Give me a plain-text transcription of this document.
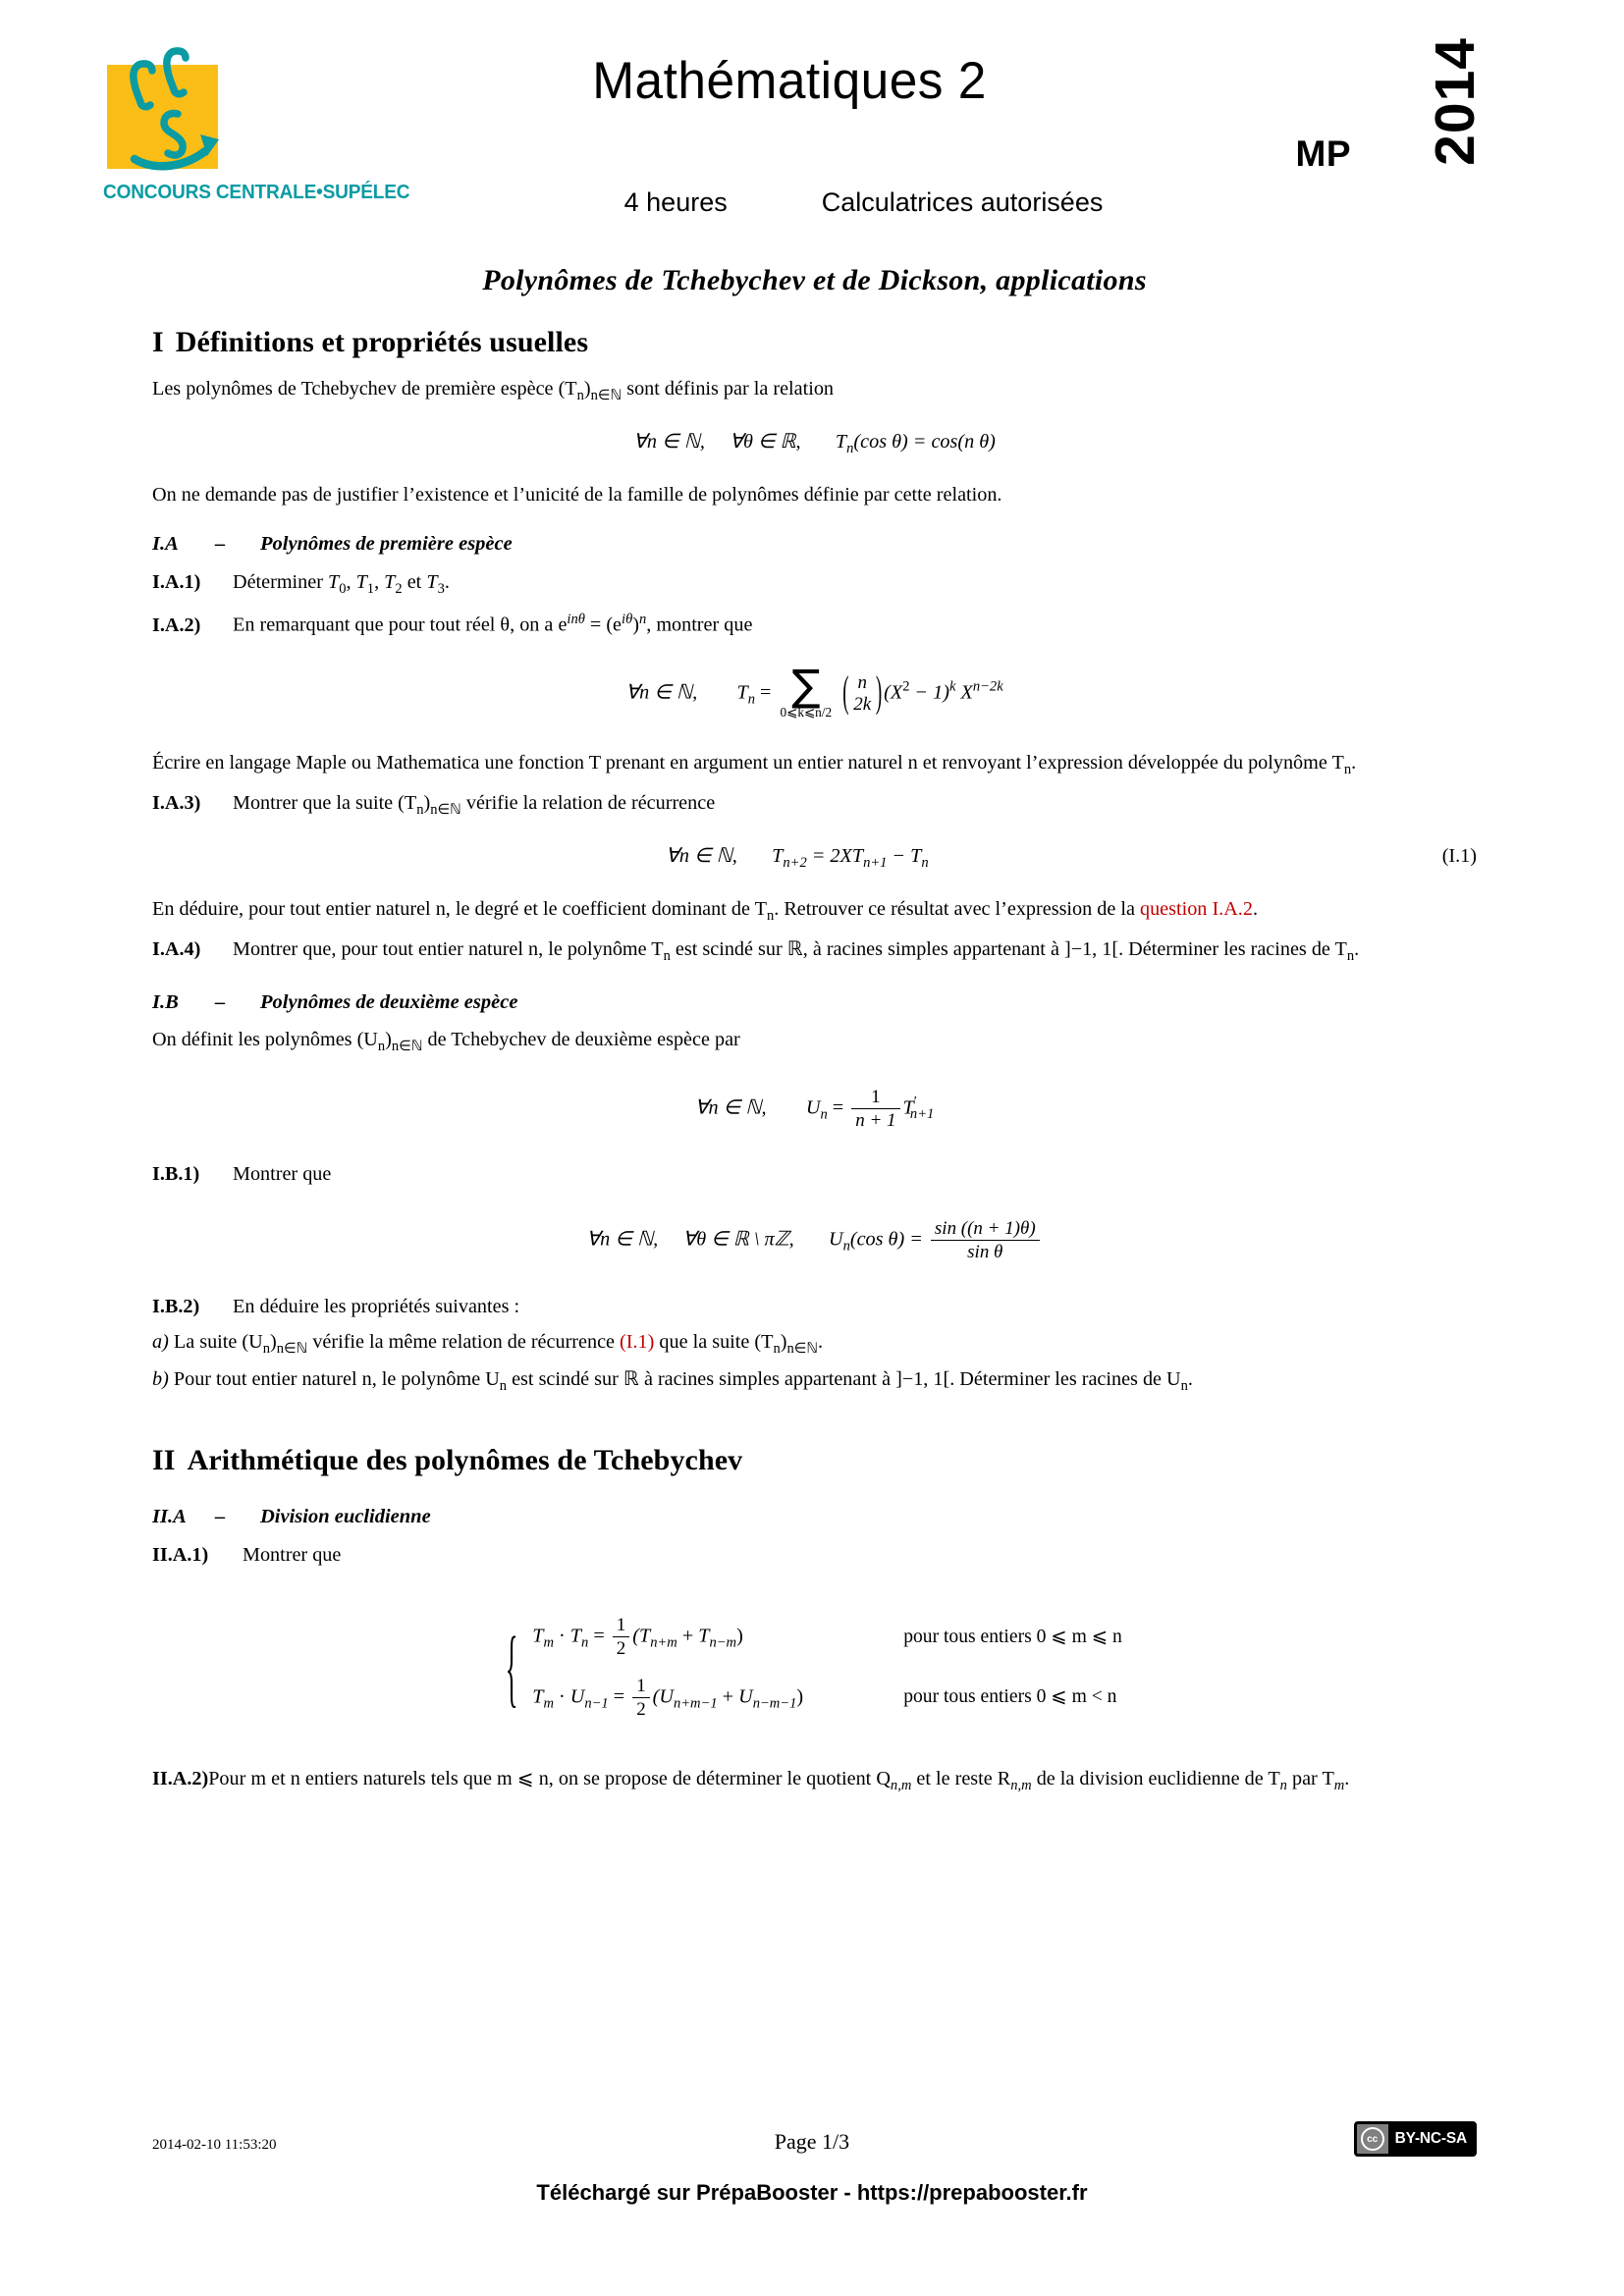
CONCOURS CENTRALE•SUPÉLEC
Mathématiques 2
MP 2014
4 heures	Calculatrices autorisées
Polynômes de Tchebychev et de Dickson, applications
I Définitions et propriétés usuelles

Les polynômes de Tchebychev de première espèce $(T_n)_{n\in ℕ}$ sont définis par la relation

∀n ∈ ℕ, ∀θ ∈ ℝ, $T_n(\cos$ θ) = cos(n θ)

On ne demande pas de justifier l’existence et l’unicité de la famille de polynômes définie par cette relation.

I.A – Polynômes de première espèce
I.A.1) Déterminer $T_0$, $T_1$, $T_2$ et $T_3$.
I.A.2) En remarquant que pour tout réel θ, on a $e^{in\theta} = (e^{i\theta})^n$, montrer que
∀n ∈ ℕ, $T_n$ = ∑
0⩽k⩽n/2
( n
2k ) $(X^2 - 1)^k$ $X^{n-2k}$

Écrire en langage Maple ou Mathematica une fonction T prenant en argument un entier naturel n et renvoyant l’expression développée du polynôme $T_n$.

I.A.3) Montrer que la suite $(T_n)_{n\in ℕ}$ vérifie la relation de récurrence
(I.1)
∀n ∈ ℕ, $T_{n+2} = 2XT_{n+1} - T_n$

En déduire, pour tout entier naturel n, le degré et le coefficient dominant de $T_n$. Retrouver ce résultat avec l’expression de la question I.A.2.

I.A.4) Montrer que, pour tout entier naturel n, le polynôme $T_n$ est scindé sur ℝ, à racines simples appartenant à ]−1, 1[. Déterminer les racines de $T_n$.
I.B – Polynômes de deuxième espèce

On définit les polynômes $(U_n)_{n\in ℕ}$ de Tchebychev de deuxième espèce par

∀n ∈ ℕ, $U_n = \frac{1}{n + 1} T'_{n+1}$
I.B.1) Montrer que
∀n ∈ ℕ, ∀θ ∈ ℝ \ πℤ, $U_n(\cos$ $\theta) = \frac{\sin ((n + 1)\theta)}{\text{sin θ}}$
I.B.2) En déduire les propriétés suivantes :

a) La suite $(U_n)_{n\in ℕ}$ vérifie la même relation de récurrence (I.1) que la suite $(T_n)_{n\in ℕ}$.

b) Pour tout entier naturel n, le polynôme $U_n$ est scindé sur ℝ à racines simples appartenant à ]−1, 1[. Déterminer les racines de $U_n$.

II Arithmétique des polynômes de Tchebychev
II.A – Division euclidienne
II.A.1) Montrer que
{ $T_m \cdot T_n = \frac{1}{2} (T_{n+m} + T_{n-m})$	pour tous entiers 0 ⩽ m ⩽ n
$T_m \cdot U_{n-1} = \frac{1}{2} (U_{n+m-1} + U_{n-m-1})$	pour tous entiers 0 ⩽ m < n

II.A.2)Pour m et n entiers naturels tels que m ⩽ n, on se propose de déterminer le quotient $Q_{n,m}$ et le reste $R_{n,m}$ de la division euclidienne de $T_n$ par $T_m$.

2014-02-10 11:53:20	Page 1/3	cc	BY-NC-SA
Téléchargé sur PrépaBooster - https://prepabooster.fr
